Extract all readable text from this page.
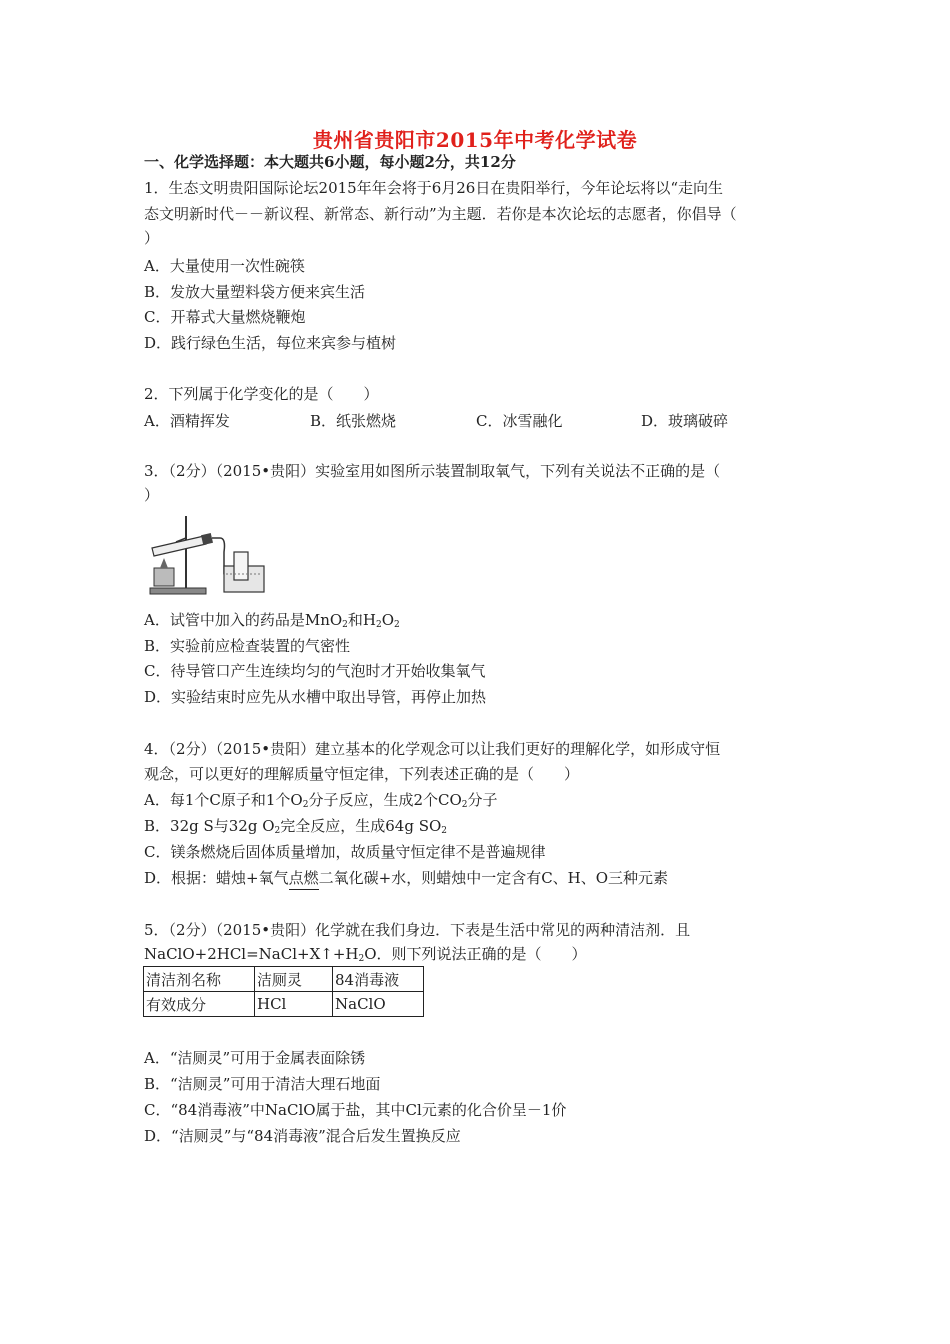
贵州省贵阳市2015年中考化学试卷
一、化学选择题：本大题共6小题，每小题2分，共12分
1．生态文明贵阳国际论坛2015年年会将于6月26日在贵阳举行，今年论坛将以“走向生
态文明新时代－－新议程、新常态、新行动”为主题．若你是本次论坛的志愿者，你倡导（
）
A．大量使用一次性碗筷
B．发放大量塑料袋方便来宾生活
C．开幕式大量燃烧鞭炮
D．践行绿色生活，每位来宾参与植树
2．下列属于化学变化的是（　　）
A．酒精挥发	B．纸张燃烧	C．冰雪融化	D．玻璃破碎
3．（2分）（2015•贵阳）实验室用如图所示装置制取氧气，下列有关说法不正确的是（
）
A．试管中加入的药品是MnO$_2$和$H_2O_2$
B．实验前应检查装置的气密性
C．待导管口产生连续均匀的气泡时才开始收集氧气
D．实验结束时应先从水槽中取出导管，再停止加热
4．（2分）（2015•贵阳）建立基本的化学观念可以让我们更好的理解化学，如形成守恒
观念，可以更好的理解质量守恒定律，下列表述正确的是（　　）
A．每1个C原子和1个$O_2$分子反应，生成2个$CO_2$分子
B．32g S与32g $O_2$完全反应，生成64g $SO_2$
C．镁条燃烧后固体质量增加，故质量守恒定律不是普遍规律
D．根据：蜡烛+氧气点燃
二氧化碳+水，则蜡烛中一定含有C、H、O三种元素
5．（2分）（2015•贵阳）化学就在我们身边．下表是生活中常见的两种清洁剂．且
$NaClO+2HCl=NaCl+X↑+H_2O$．则下列说法正确的是（　　）
清洁剂名称	洁厕灵	84消毒液
有效成分	HCl	NaClO
A．“洁厕灵”可用于金属表面除锈
B．“洁厕灵”可用于清洁大理石地面
C．“84消毒液”中NaClO属于盐，其中Cl元素的化合价呈－1价
D．“洁厕灵”与“84消毒液”混合后发生置换反应
